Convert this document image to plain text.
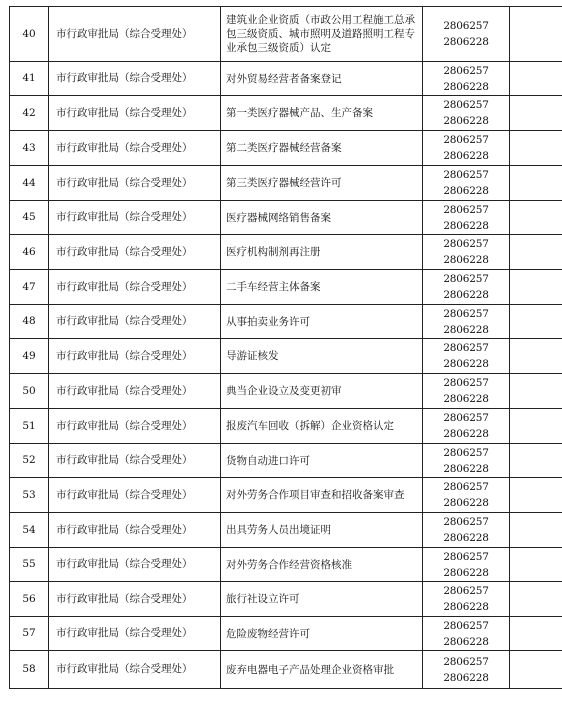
40	市行政审批局（综合受理处）	建筑业企业资质（市政公用工程施工总承包三级资质、城市照明及道路照明工程专业承包三级资质）认定	2806257
2806228	

41	市行政审批局（综合受理处）	对外贸易经营者备案登记	2806257
2806228	

42	市行政审批局（综合受理处）	第一类医疗器械产品、生产备案	2806257
2806228	

43	市行政审批局（综合受理处）	第二类医疗器械经营备案	2806257
2806228	

44	市行政审批局（综合受理处）	第三类医疗器械经营许可	2806257
2806228	

45	市行政审批局（综合受理处）	医疗器械网络销售备案	2806257
2806228	

46	市行政审批局（综合受理处）	医疗机构制剂再注册	2806257
2806228	

47	市行政审批局（综合受理处）	二手车经营主体备案	2806257
2806228	

48	市行政审批局（综合受理处）	从事拍卖业务许可	2806257
2806228	

49	市行政审批局（综合受理处）	导游证核发	2806257
2806228	

50	市行政审批局（综合受理处）	典当企业设立及变更初审	2806257
2806228	

51	市行政审批局（综合受理处）	报废汽车回收（拆解）企业资格认定	2806257
2806228	

52	市行政审批局（综合受理处）	货物自动进口许可	2806257
2806228	

53	市行政审批局（综合受理处）	对外劳务合作项目审查和招收备案审查	2806257
2806228	

54	市行政审批局（综合受理处）	出具劳务人员出境证明	2806257
2806228	

55	市行政审批局（综合受理处）	对外劳务合作经营资格核准	2806257
2806228	

56	市行政审批局（综合受理处）	旅行社设立许可	2806257
2806228	

57	市行政审批局（综合受理处）	危险废物经营许可	2806257
2806228	

58	市行政审批局（综合受理处）	废弃电器电子产品处理企业资格审批	2806257
2806228	
